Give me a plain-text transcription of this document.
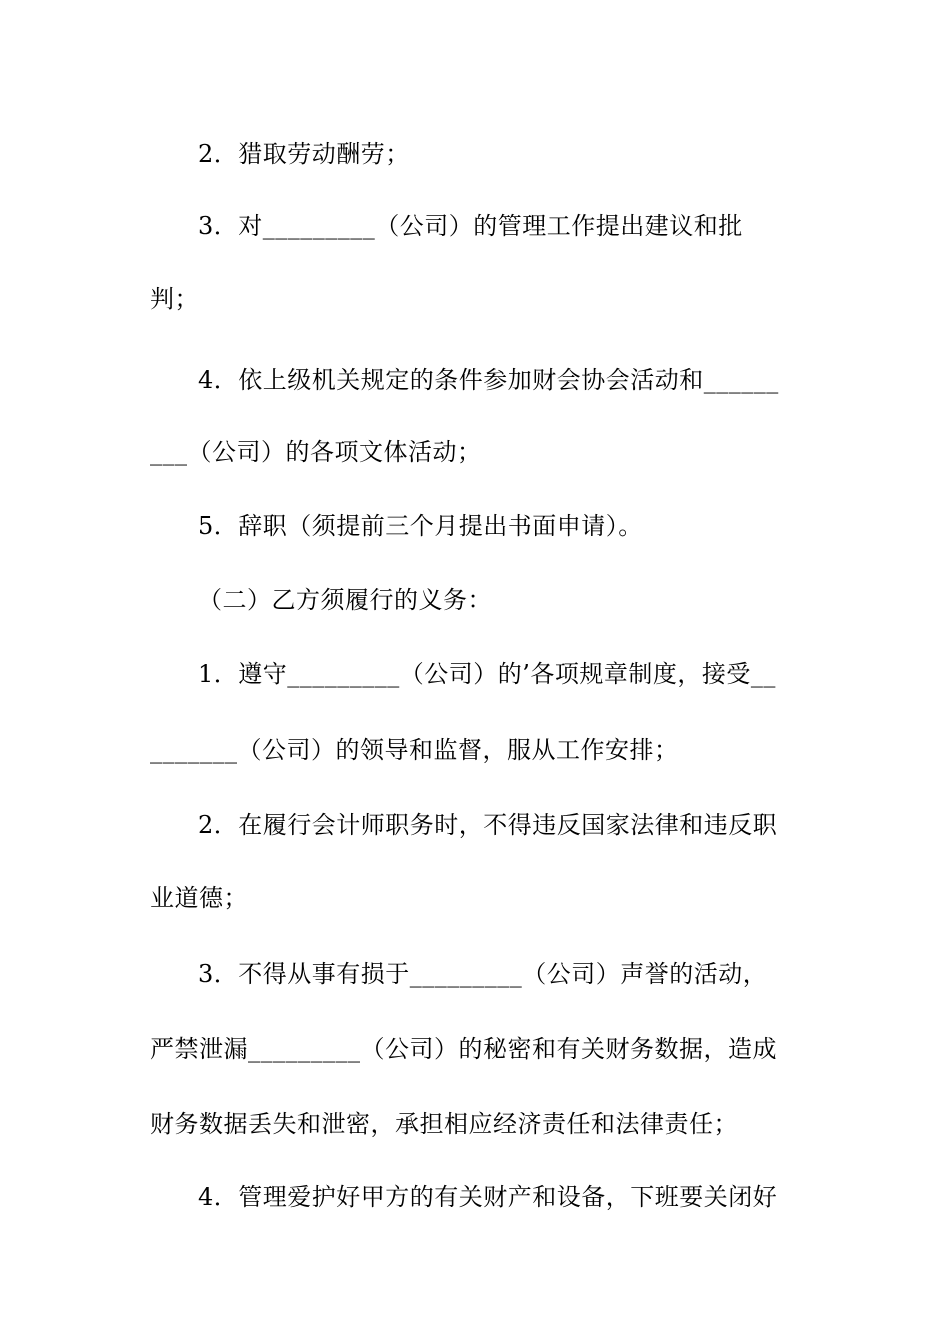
2．猎取劳动酬劳；
3．对_________（公司）的管理工作提出建议和批
判；
4．依上级机关规定的条件参加财会协会活动和______
___（公司）的各项文体活动；
5．辞职（须提前三个月提出书面申请）。
（二）乙方须履行的义务：
1．遵守_________（公司）的’各项规章制度，接受__
_______（公司）的领导和监督，服从工作安排；
2．在履行会计师职务时，不得违反国家法律和违反职
业道德；
3．不得从事有损于_________（公司）声誉的活动，
严禁泄漏_________（公司）的秘密和有关财务数据，造成
财务数据丢失和泄密，承担相应经济责任和法律责任；
4．管理爱护好甲方的有关财产和设备，下班要关闭好
